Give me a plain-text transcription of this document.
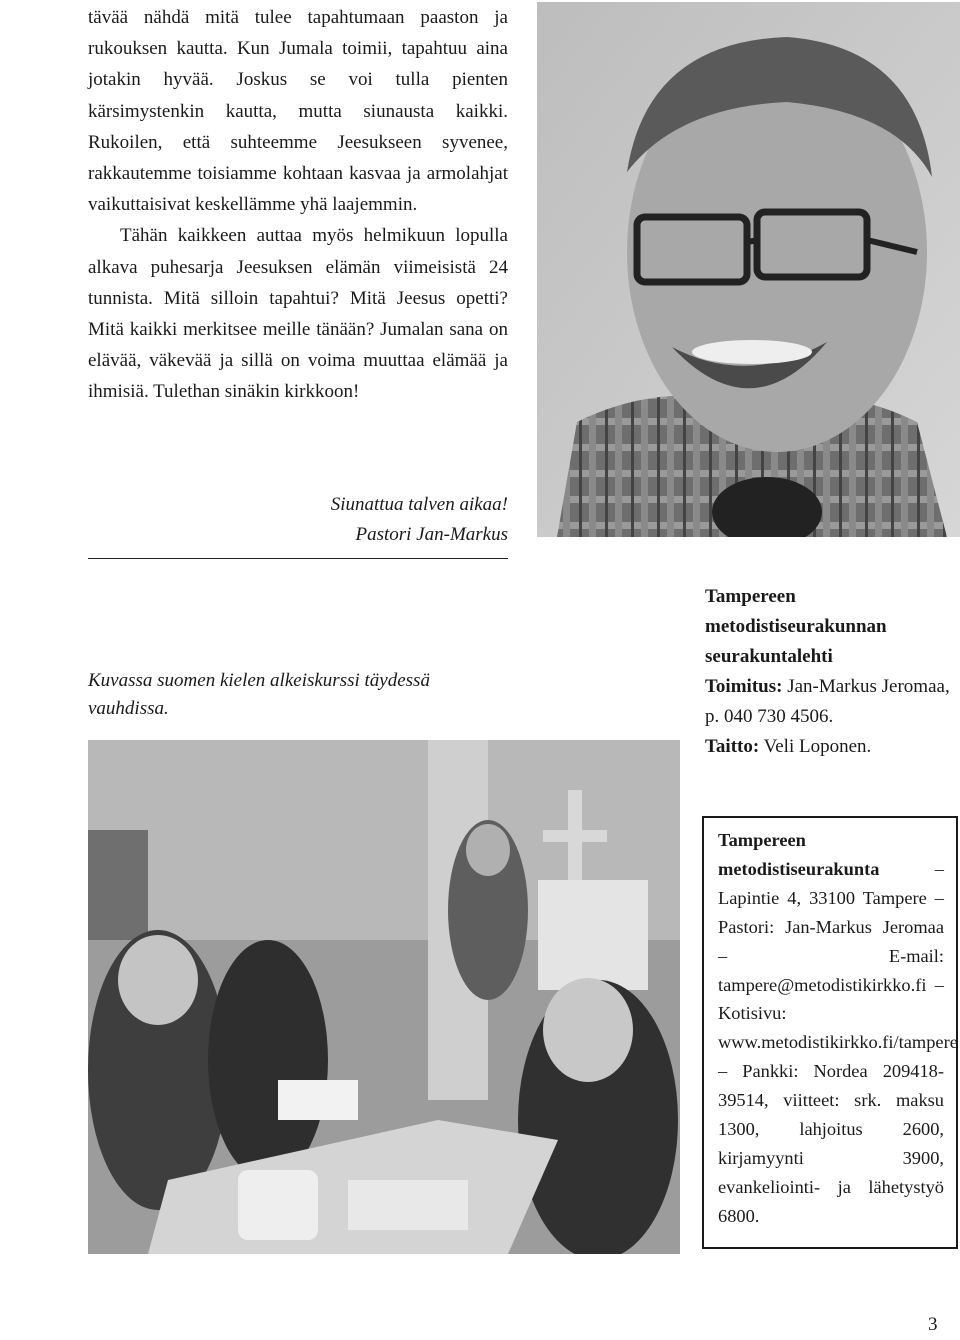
tävää nähdä mitä tulee tapahtumaan paaston ja rukouksen kautta. Kun Jumala toimii, tapahtuu aina jotakin hyvää. Joskus se voi tulla pienten kärsimystenkin kautta, mutta siunausta kaikki. Rukoilen, että suhteemme Jeesukseen syvenee, rakkautemme toisiamme kohtaan kasvaa ja armolahjat vaikuttaisivat keskellämme yhä laajemmin.

Tähän kaikkeen auttaa myös helmikuun lopulla alkava puhesarja Jeesuksen elämän viimeisistä 24 tunnista. Mitä silloin tapahtui? Mitä Jeesus opetti? Mitä kaikki merkitsee meille tänään? Jumalan sana on elävää, väkevää ja sillä on voima muuttaa elämää ja ihmisiä. Tulethan sinäkin kirkkoon!

Siunattua talven aikaa!
Pastori Jan-Markus

Kuvassa suomen kielen alkeiskurssi täydessä vauhdissa.

Tampereen metodistiseurakunnan seurakuntalehti
Toimitus: Jan-Markus Jeromaa, p. 040 730 4506.
Taitto: Veli Loponen.
Tampereen metodistiseurakunta	– Lapintie 4, 33100 Tampere – Pastori: Jan-Markus Jeromaa – E-mail: tampere@metodistikirkko.fi – Kotisivu: www.metodistikirkko.fi/tampere – Pankki: Nordea 209418-39514, viitteet: srk. maksu 1300, lahjoitus 2600, kirjamyynti 3900, evankeliointi- ja lähetystyö 6800.
3
